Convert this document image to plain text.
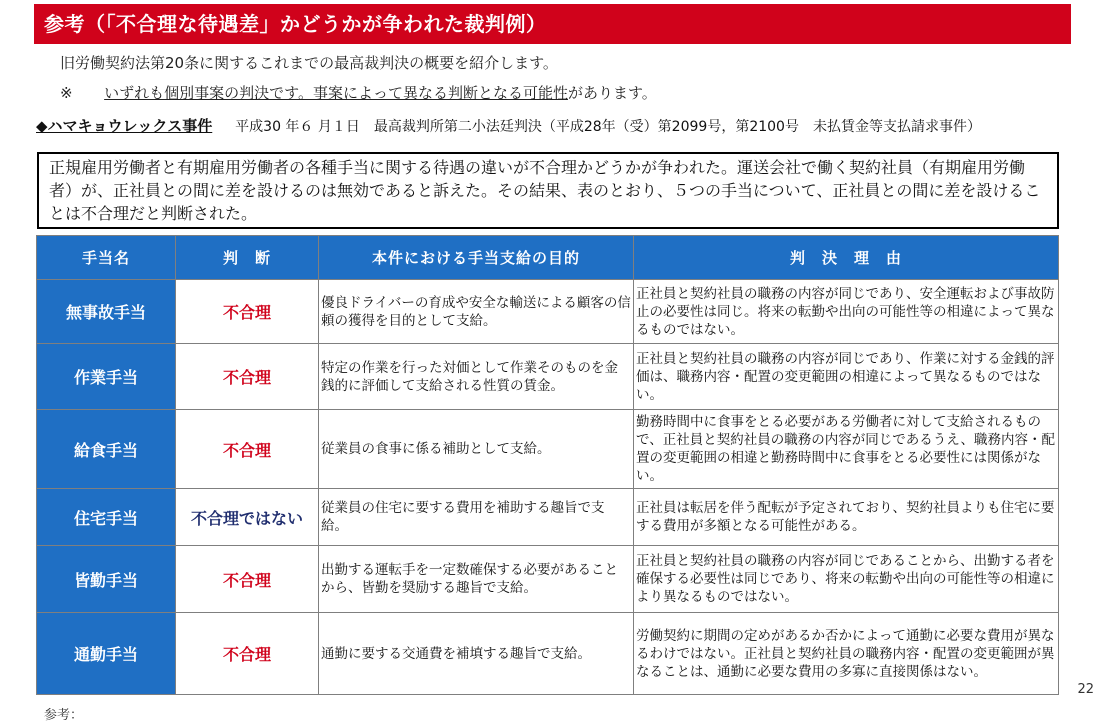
参考（「不合理な待遇差」かどうかが争われた裁判例）
旧労働契約法第20条に関するこれまでの最高裁判決の概要を紹介します。
※ いずれも個別事案の判決です。事案によって異なる判断となる可能性があります。
◆ハマキョウレックス事件 平成30 年６ 月１日　最高裁判所第二小法廷判決（平成28年（受）第2099号，第2100号　未払賃金等支払請求事件）
正規雇用労働者と有期雇用労働者の各種手当に関する待遇の違いが不合理かどうかが争われた。運送会社で働く契約社員（有期雇用労働者）が、正社員との間に差を設けるのは無効であると訴えた。その結果、表のとおり、５つの手当について、正社員との間に差を設けることは不合理だと判断された。
手当名	判　断	本件における手当支給の目的	判　決　理　由
無事故手当	不合理	優良ドライバーの育成や安全な輸送による顧客の信頼の獲得を目的として支給。	正社員と契約社員の職務の内容が同じであり、安全運転および事故防止の必要性は同じ。将来の転勤や出向の可能性等の相違によって異なるものではない。
作業手当	不合理	特定の作業を行った対価として作業そのものを金銭的に評価して支給される性質の賃金。	正社員と契約社員の職務の内容が同じであり、作業に対する金銭的評価は、職務内容・配置の変更範囲の相違によって異なるものではない。
給食手当	不合理	従業員の食事に係る補助として支給。	勤務時間中に食事をとる必要がある労働者に対して支給されるもので、正社員と契約社員の職務の内容が同じであるうえ、職務内容・配置の変更範囲の相違と勤務時間中に食事をとる必要性には関係がない。
住宅手当	不合理ではない	従業員の住宅に要する費用を補助する趣旨で支給。	正社員は転居を伴う配転が予定されており、契約社員よりも住宅に要する費用が多額となる可能性がある。
皆勤手当	不合理	出勤する運転手を一定数確保する必要があることから、皆勤を奨励する趣旨で支給。	正社員と契約社員の職務の内容が同じであることから、出勤する者を確保する必要性は同じであり、将来の転勤や出向の可能性等の相違により異なるものではない。
通勤手当	不合理	通勤に要する交通費を補填する趣旨で支給。	労働契約に期間の定めがあるか否かによって通勤に必要な費用が異なるわけではない。正社員と契約社員の職務内容・配置の変更範囲が異なることは、通勤に必要な費用の多寡に直接関係はない。
22
参考：
